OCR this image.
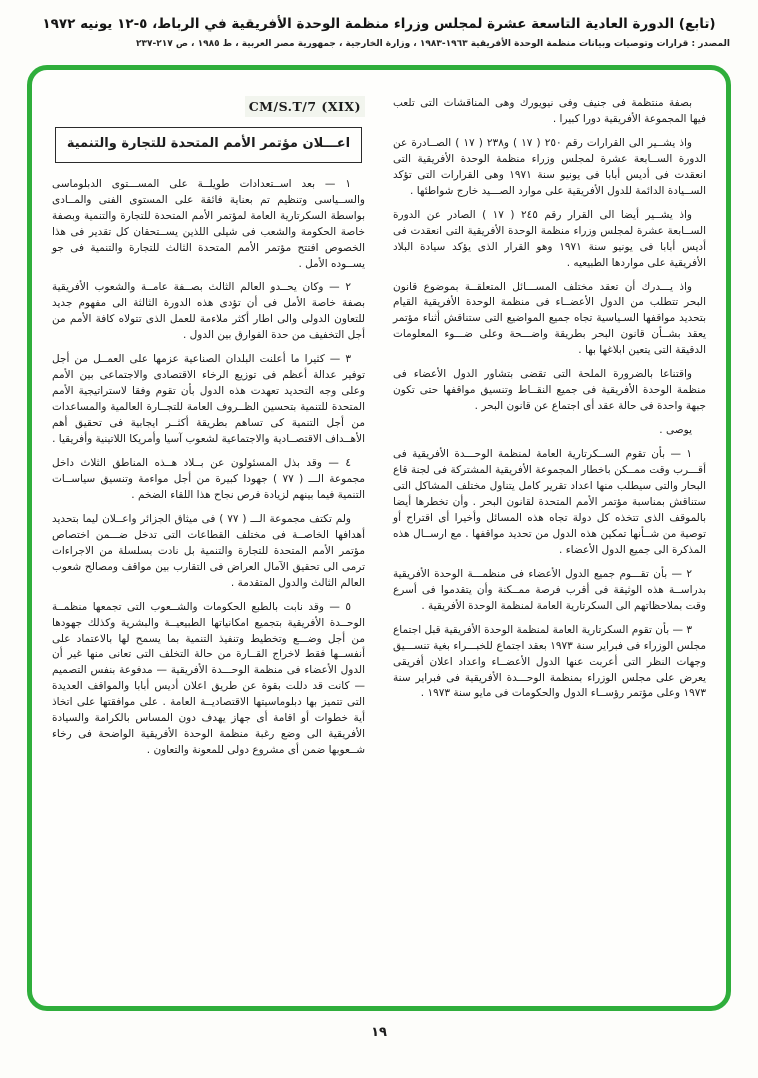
(تابع) الدورة العادية التاسعة عشرة لمجلس وزراء منظمة الوحدة الأفريقية في الرباط، ٥-١٢ يونيه ١٩٧٢
المصدر : قرارات وتوصيات وبيانات منظمة الوحدة الأفريقية ١٩٦٣-١٩٨٣ ، وزارة الخارجية ، جمهورية مصر العربية ، ط ١٩٨٥ ، ص ٢١٧-٢٣٧

بصفة منتظمة فى جنيف وفى نيويورك وهى المناقشات التى تلعب فيها المجموعة الأفريقية دورا كبيرا .

واذ يشــير الى القرارات رقم ٢٥٠ ( ١٧ ) و٢٣٨ ( ١٧ ) الصــادرة عن الدورة الســابعة عشرة لمجلس وزراء منظمة الوحدة الأفريقية التى انعقدت فى أديس أبابا فى يونيو سنة ١٩٧١ وهى القرارات التى تؤكد الســيادة الدائمة للدول الأفريقية على موارد الصـــيد خارج شواطئها .

واذ يشــير أيضا الى القرار رقم ٢٤٥ ( ١٧ ) الصادر عن الدورة الســابعة عشرة لمجلس وزراء منظمة الوحدة الأفريقية التى انعقدت فى أديس أبابا فى يونيو سنة ١٩٧١ وهو القرار الذى يؤكد سيادة البلاد الأفريقية على مواردها الطبيعيه .

واذ يـــدرك أن تعقد مختلف المســـائل المتعلقــة بموضوع قانون البحر تتطلب من الدول الأعضــاء فى منظمة الوحدة الأفريقية القيام بتحديد مواقفها السـياسية تجاه جميع المواضيع التى ستناقش أثناء مؤتمر يعقد بشــأن قانون البحر بطريقة واضـــحة وعلى ضـــوء المعلومات الدقيقة التى يتعين ابلاغها بها .

واقتناعا بالضرورة الملحة التى تقضى بتشاور الدول الأعضاء فى منظمة الوحدة الأفريقية فى جميع النقــاط وتنسيق مواقفها حتى تكون جبهة واحدة فى حالة عقد أى اجتماع عن قانون البحر .

يوصى .

١ — بأن تقوم الســكرتارية العامة لمنظمة الوحـــدة الأفريقية فى أقـــرب وقت ممــكن باخطار المجموعة الأفريقية المشتركة فى لجنة قاع البحار والتى سيطلب منها اعداد تقرير كامل يتناول مختلف المشاكل التى ستناقش بمناسبة مؤتمر الأمم المتحدة لقانون البحر . وأن تخطرها أيضا بالموقف الذى تتخذه كل دولة تجاه هذه المسائل وأخيرا أى اقتراح أو توصية من شــأنها تمكين هذه الدول من تحديد مواقفها . مع ارســال هذه المذكرة الى جميع الدول الأعضاء .

٢ — بأن تقـــوم جميع الدول الأعضاء فى منظمـــة الوحدة الأفريقية بدراســة هذه الوثيقة فى أقرب فرصة ممــكنة وأن يتقدموا فى أسرع وقت بملاحظاتهم الى السكرتارية العامة لمنظمة الوحدة الأفريقية .

٣ — بأن تقوم السكرتارية العامة لمنظمة الوحدة الأفريقية قبل اجتماع مجلس الوزراء فى فبراير سنة ١٩٧٣ بعقد اجتماع للخبـــراء بغية تنســـيق وجهات النظر التى أعربت عنها الدول الأعضــاء واعداد اعلان أفريقى يعرض على مجلس الوزراء بمنظمة الوحـــدة الأفريقية فى فبراير سنة ١٩٧٣ وعلى مؤتمر رؤســاء الدول والحكومات فى مايو سنة ١٩٧٣ .

CM/S.T/7 (XIX)
اعـــلان مؤتمر الأمم المتحدة للتجارة والتنمية

١ — بعد اســتعدادات طويلــة على المســـتوى الدبلوماسى والســياسى وتنظيم تم بعناية فائقة على المستوى الفنى والمــادى بواسطة السكرتارية العامة لمؤتمر الأمم المتحدة للتجارة والتنمية وبصفة خاصة الحكومة والشعب فى شيلى اللذين يســتحقان كل تقدير فى هذا الخصوص افتتح مؤتمر الأمم المتحدة الثالث للتجارة والتنمية فى جو يســوده الأمل .

٢ — وكان يحــدو العالم الثالث بصــفة عامــة والشعوب الأفريقية بصفة خاصة الأمل فى أن تؤدى هذه الدورة الثالثة الى مفهوم جديد للتعاون الدولى والى اطار أكثر ملاءمة للعمل الذى تتولاه كافة الأمم من أجل التخفيف من حدة الفوارق بين الدول .

٣ — كثيرا ما أعلنت البلدان الصناعية عزمها على العمــل من أجل توفير عدالة أعظم فى توزيع الرخاء الاقتصادى والاجتماعى بين الأمم وعلى وجه التحديد تعهدت هذه الدول بأن تقوم وفقا لاستراتيجية الأمم المتحدة للتنمية بتحسين الظــروف العامة للتجــارة العالمية والمساعدات من أجل التنمية كى تساهم بطريقة أكثــر ايجابية فى تحقيق أهم الأهــداف الاقتصــادية والاجتماعية لشعوب آسيا وأمريكا اللاتينية وأفريقيا .

٤ — وقد بذل المسئولون عن بــلاد هــذه المناطق الثلاث داخل مجموعة الـــ ( ٧٧ ) جهودا كبيرة من أجل مواءمة وتنسيق سياســات التنمية فيما بينهم لزيادة فرص نجاح هذا اللقاء الضخم .

ولم تكتف مجموعة الـــ ( ٧٧ ) فى ميثاق الجزائر واعــلان ليما بتحديد أهدافها الخاصــة فى مختلف القطاعات التى تدخل ضـــمن اختصاص مؤتمر الأمم المتحدة للتجارة والتنمية بل نادت بسلسلة من الاجراءات ترمى الى تحقيق الآمال العراض فى التقارب بين مواقف ومصالح شعوب العالم الثالث والدول المتقدمة .

٥ — وقد نابت بالطبع الحكومات والشــعوب التى تجمعها منظمــة الوحــدة الأفريقية بتجميع امكانياتها الطبيعيــة والبشرية وكذلك جهودها من أجل وضـــع وتخطيط وتنفيذ التنمية بما يسمح لها بالاعتماد على أنفســها فقط لاخراج القــارة من حالة التخلف التى تعانى منها غير أن الدول الأعضاء فى منظمة الوحـــدة الأفريقية — مدفوعة بنفس التصميم — كانت قد دللت بقوة عن طريق اعلان أديس أبابا والمواقف العديدة التى تتميز بها دبلوماسيتها الاقتصاديــة العامة . على موافقتها على اتخاذ أية خطوات أو اقامة أى جهاز يهدف دون المساس بالكرامة والسيادة الأفريقية الى وضع رغبة منظمة الوحدة الأفريقية الواضحة فى رخاء شــعوبها ضمن أى مشروع دولى للمعونة والتعاون .

١٩
